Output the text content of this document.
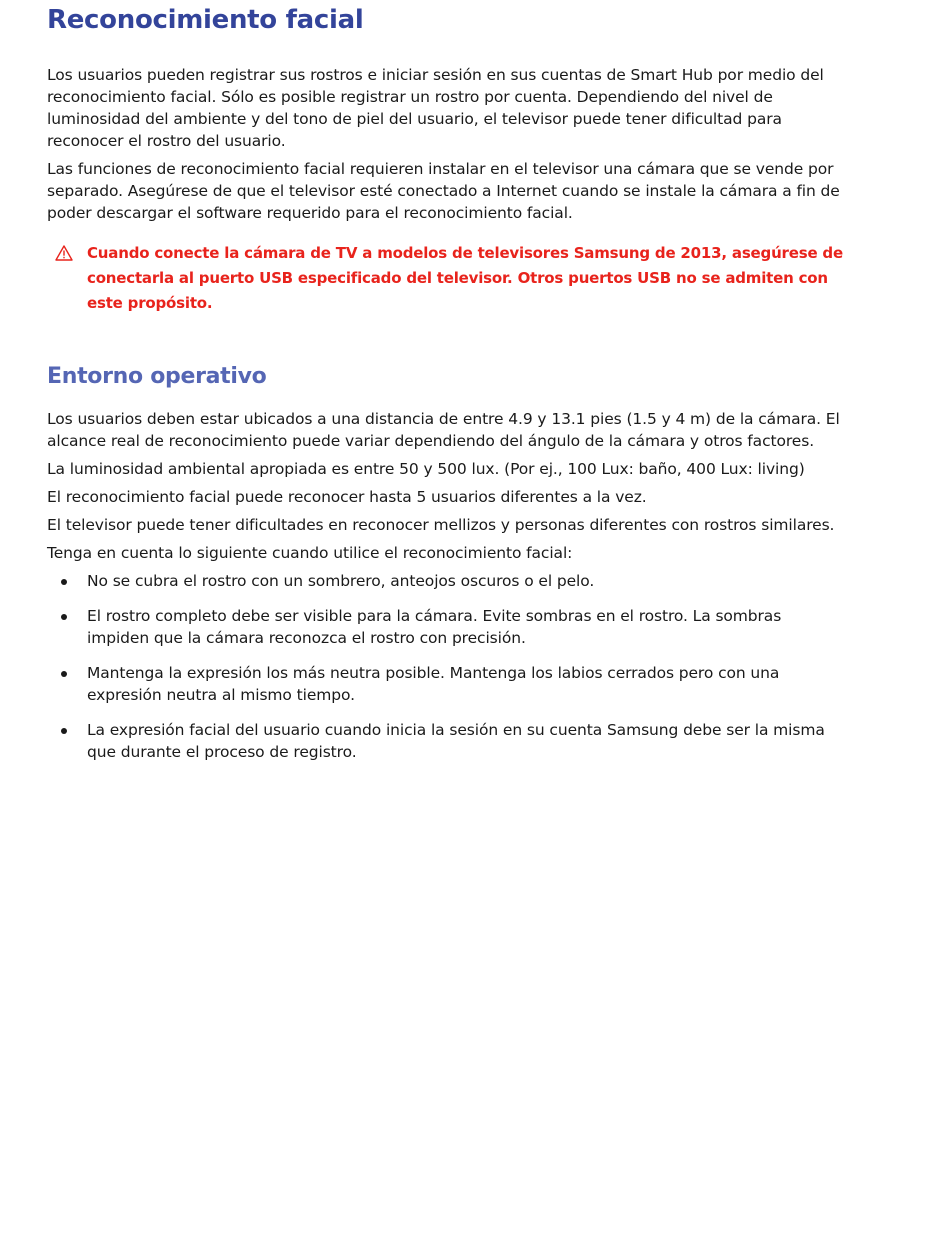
Reconocimiento facial

Los usuarios pueden registrar sus rostros e iniciar sesión en sus cuentas de Smart Hub por medio del reconocimiento facial. Sólo es posible registrar un rostro por cuenta. Dependiendo del nivel de luminosidad del ambiente y del tono de piel del usuario, el televisor puede tener dificultad para reconocer el rostro del usuario.

Las funciones de reconocimiento facial requieren instalar en el televisor una cámara que se vende por separado. Asegúrese de que el televisor esté conectado a Internet cuando se instale la cámara a fin de poder descargar el software requerido para el reconocimiento facial.

Cuando conecte la cámara de TV a modelos de televisores Samsung de 2013, asegúrese de conectarla al puerto USB especificado del televisor. Otros puertos USB no se admiten con este propósito.
Entorno operativo

Los usuarios deben estar ubicados a una distancia de entre 4.9 y 13.1 pies (1.5 y 4 m) de la cámara. El alcance real de reconocimiento puede variar dependiendo del ángulo de la cámara y otros factores.

La luminosidad ambiental apropiada es entre 50 y 500 lux. (Por ej., 100 Lux: baño, 400 Lux: living)

El reconocimiento facial puede reconocer hasta 5 usuarios diferentes a la vez.

El televisor puede tener dificultades en reconocer mellizos y personas diferentes con rostros similares.

Tenga en cuenta lo siguiente cuando utilice el reconocimiento facial:

No se cubra el rostro con un sombrero, anteojos oscuros o el pelo.
El rostro completo debe ser visible para la cámara. Evite sombras en el rostro. La sombras impiden que la cámara reconozca el rostro con precisión.
Mantenga la expresión los más neutra posible. Mantenga los labios cerrados pero con una expresión neutra al mismo tiempo.
La expresión facial del usuario cuando inicia la sesión en su cuenta Samsung debe ser la misma que durante el proceso de registro.
